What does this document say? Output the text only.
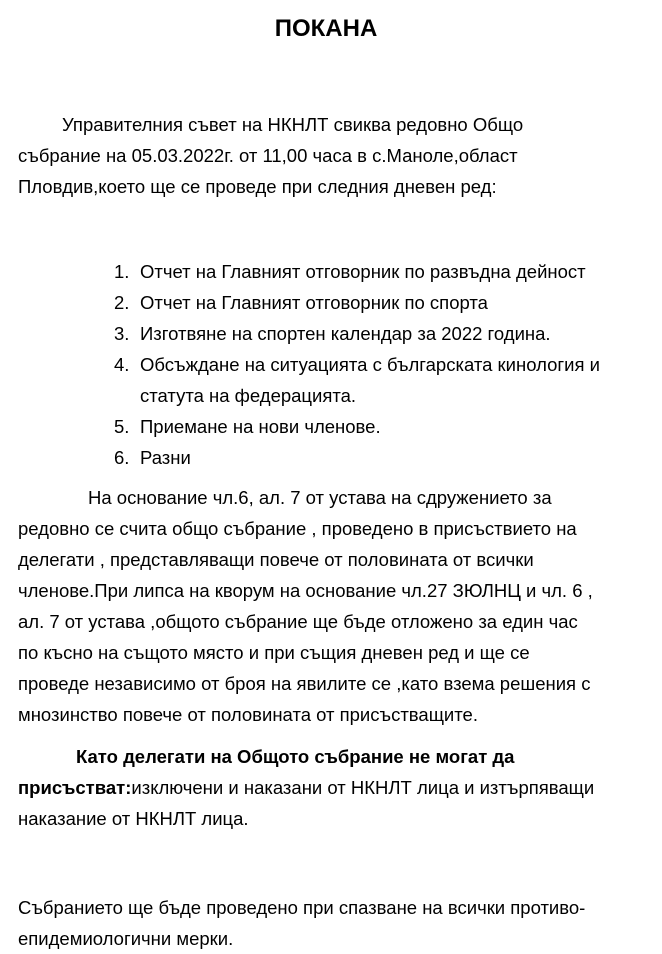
ПОКАНА

Управителния съвет на НКНЛТ свиква редовно Общо
събрание на 05.03.2022г. от 11,00 часа в с.Маноле,област
Пловдив,което ще се проведе при следния дневен ред:

1. Отчет на Главният отговорник по развъдна дейност
2. Отчет на Главният отговорник по спорта
3. Изготвяне на спортен календар за 2022 година.
4. Обсъждане на ситуацията с българската кинология и
статута на федерацията.
5. Приемане на нови членове.
6. Разни

На основание чл.6, ал. 7 от устава на сдружението за
редовно се счита общо събрание , проведено в присъствието на
делегати , представляващи повече от половината от всички
членове.При липса на кворум на основание чл.27 ЗЮЛНЦ и чл. 6 ,
ал. 7 от устава ,общото събрание ще бъде отложено за един час
по късно на същото място и при същия дневен ред и ще се
проведе независимо от броя на явилите се ,като взема решения с
мнозинство повече от половината от присъстващите.

Като делегати на Общото събрание не могат да
присъстват:изключени и наказани от НКНЛТ лица и изтърпяващи
наказание от НКНЛТ лица.

Събранието ще бъде проведено при спазване на всички противо-
епидемиологични мерки.
